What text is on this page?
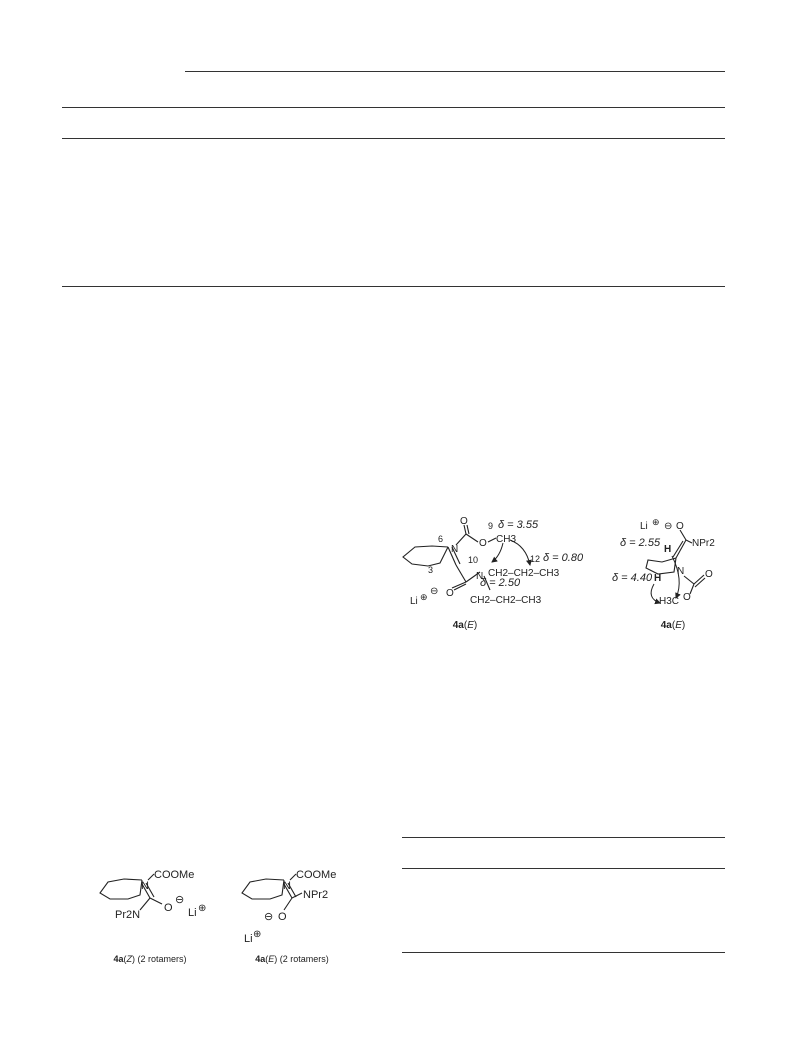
9 δ = 3.55
12 δ = 0.80
6
10
3
δ = 2.50
O
N
O CH3
CH2–CH2–CH3
N
CH2–CH2–CH3
O
⊖
Li ⊕
4a(E)
Li ⊕ ⊖ O
NPr2
δ = 2.55
H
δ = 4.40 H
N O
H3C O
4a(E)
COOMe
N
O
⊖
Li ⊕
Pr2N
4a(Z) (2 rotamers)
COOMe
N
NPr2
O
⊖
Li ⊕
4a(E) (2 rotamers)
